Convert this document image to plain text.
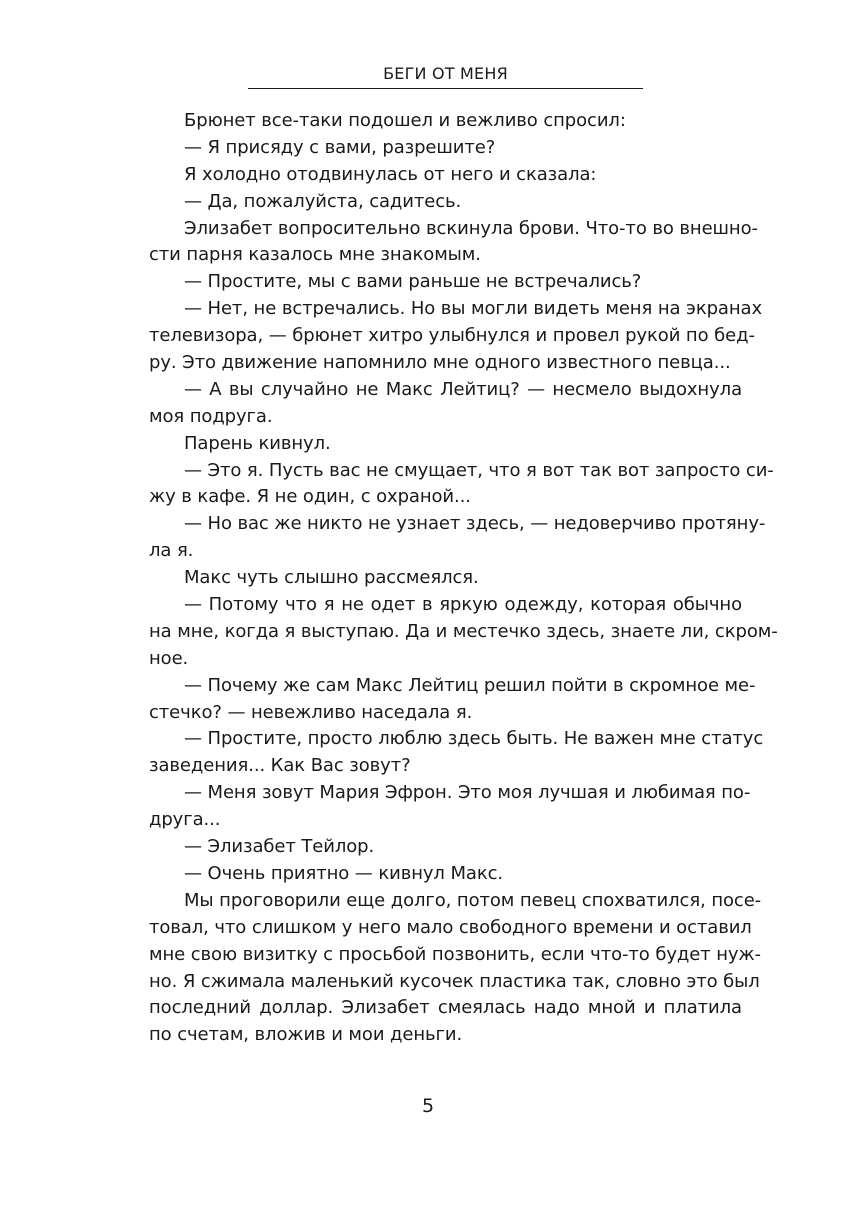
БЕГИ ОТ МЕНЯ
Брюнет все-таки подошел и вежливо спросил:
— Я присяду с вами, разрешите?
Я холодно отодвинулась от него и сказала:
— Да, пожалуйста, садитесь.
Элизабет вопросительно вскинула брови. Что-то во внешно-
сти парня казалось мне знакомым.
— Простите, мы с вами раньше не встречались?
— Нет, не встречались. Но вы могли видеть меня на экранах
телевизора, — брюнет хитро улыбнулся и провел рукой по бед-
ру. Это движение напомнило мне одного известного певца...
— А вы случайно не Макс Лейтиц? — несмело выдохнула
моя подруга.
Парень кивнул.
— Это я. Пусть вас не смущает, что я вот так вот запросто си-
жу в кафе. Я не один, с охраной...
— Но вас же никто не узнает здесь, — недоверчиво протяну-
ла я.
Макс чуть слышно рассмеялся.
— Потому что я не одет в яркую одежду, которая обычно
на мне, когда я выступаю. Да и местечко здесь, знаете ли, скром-
ное.
— Почему же сам Макс Лейтиц решил пойти в скромное ме-
стечко? — невежливо наседала я.
— Простите, просто люблю здесь быть. Не важен мне статус
заведения... Как Вас зовут?
— Меня зовут Мария Эфрон. Это моя лучшая и любимая по-
друга...
— Элизабет Тейлор.
— Очень приятно — кивнул Макс.
Мы проговорили еще долго, потом певец спохватился, посе-
товал, что слишком у него мало свободного времени и оставил
мне свою визитку с просьбой позвонить, если что-то будет нуж-
но. Я сжимала маленький кусочек пластика так, словно это был
последний доллар. Элизабет смеялась надо мной и платила
по счетам, вложив и мои деньги.
5
